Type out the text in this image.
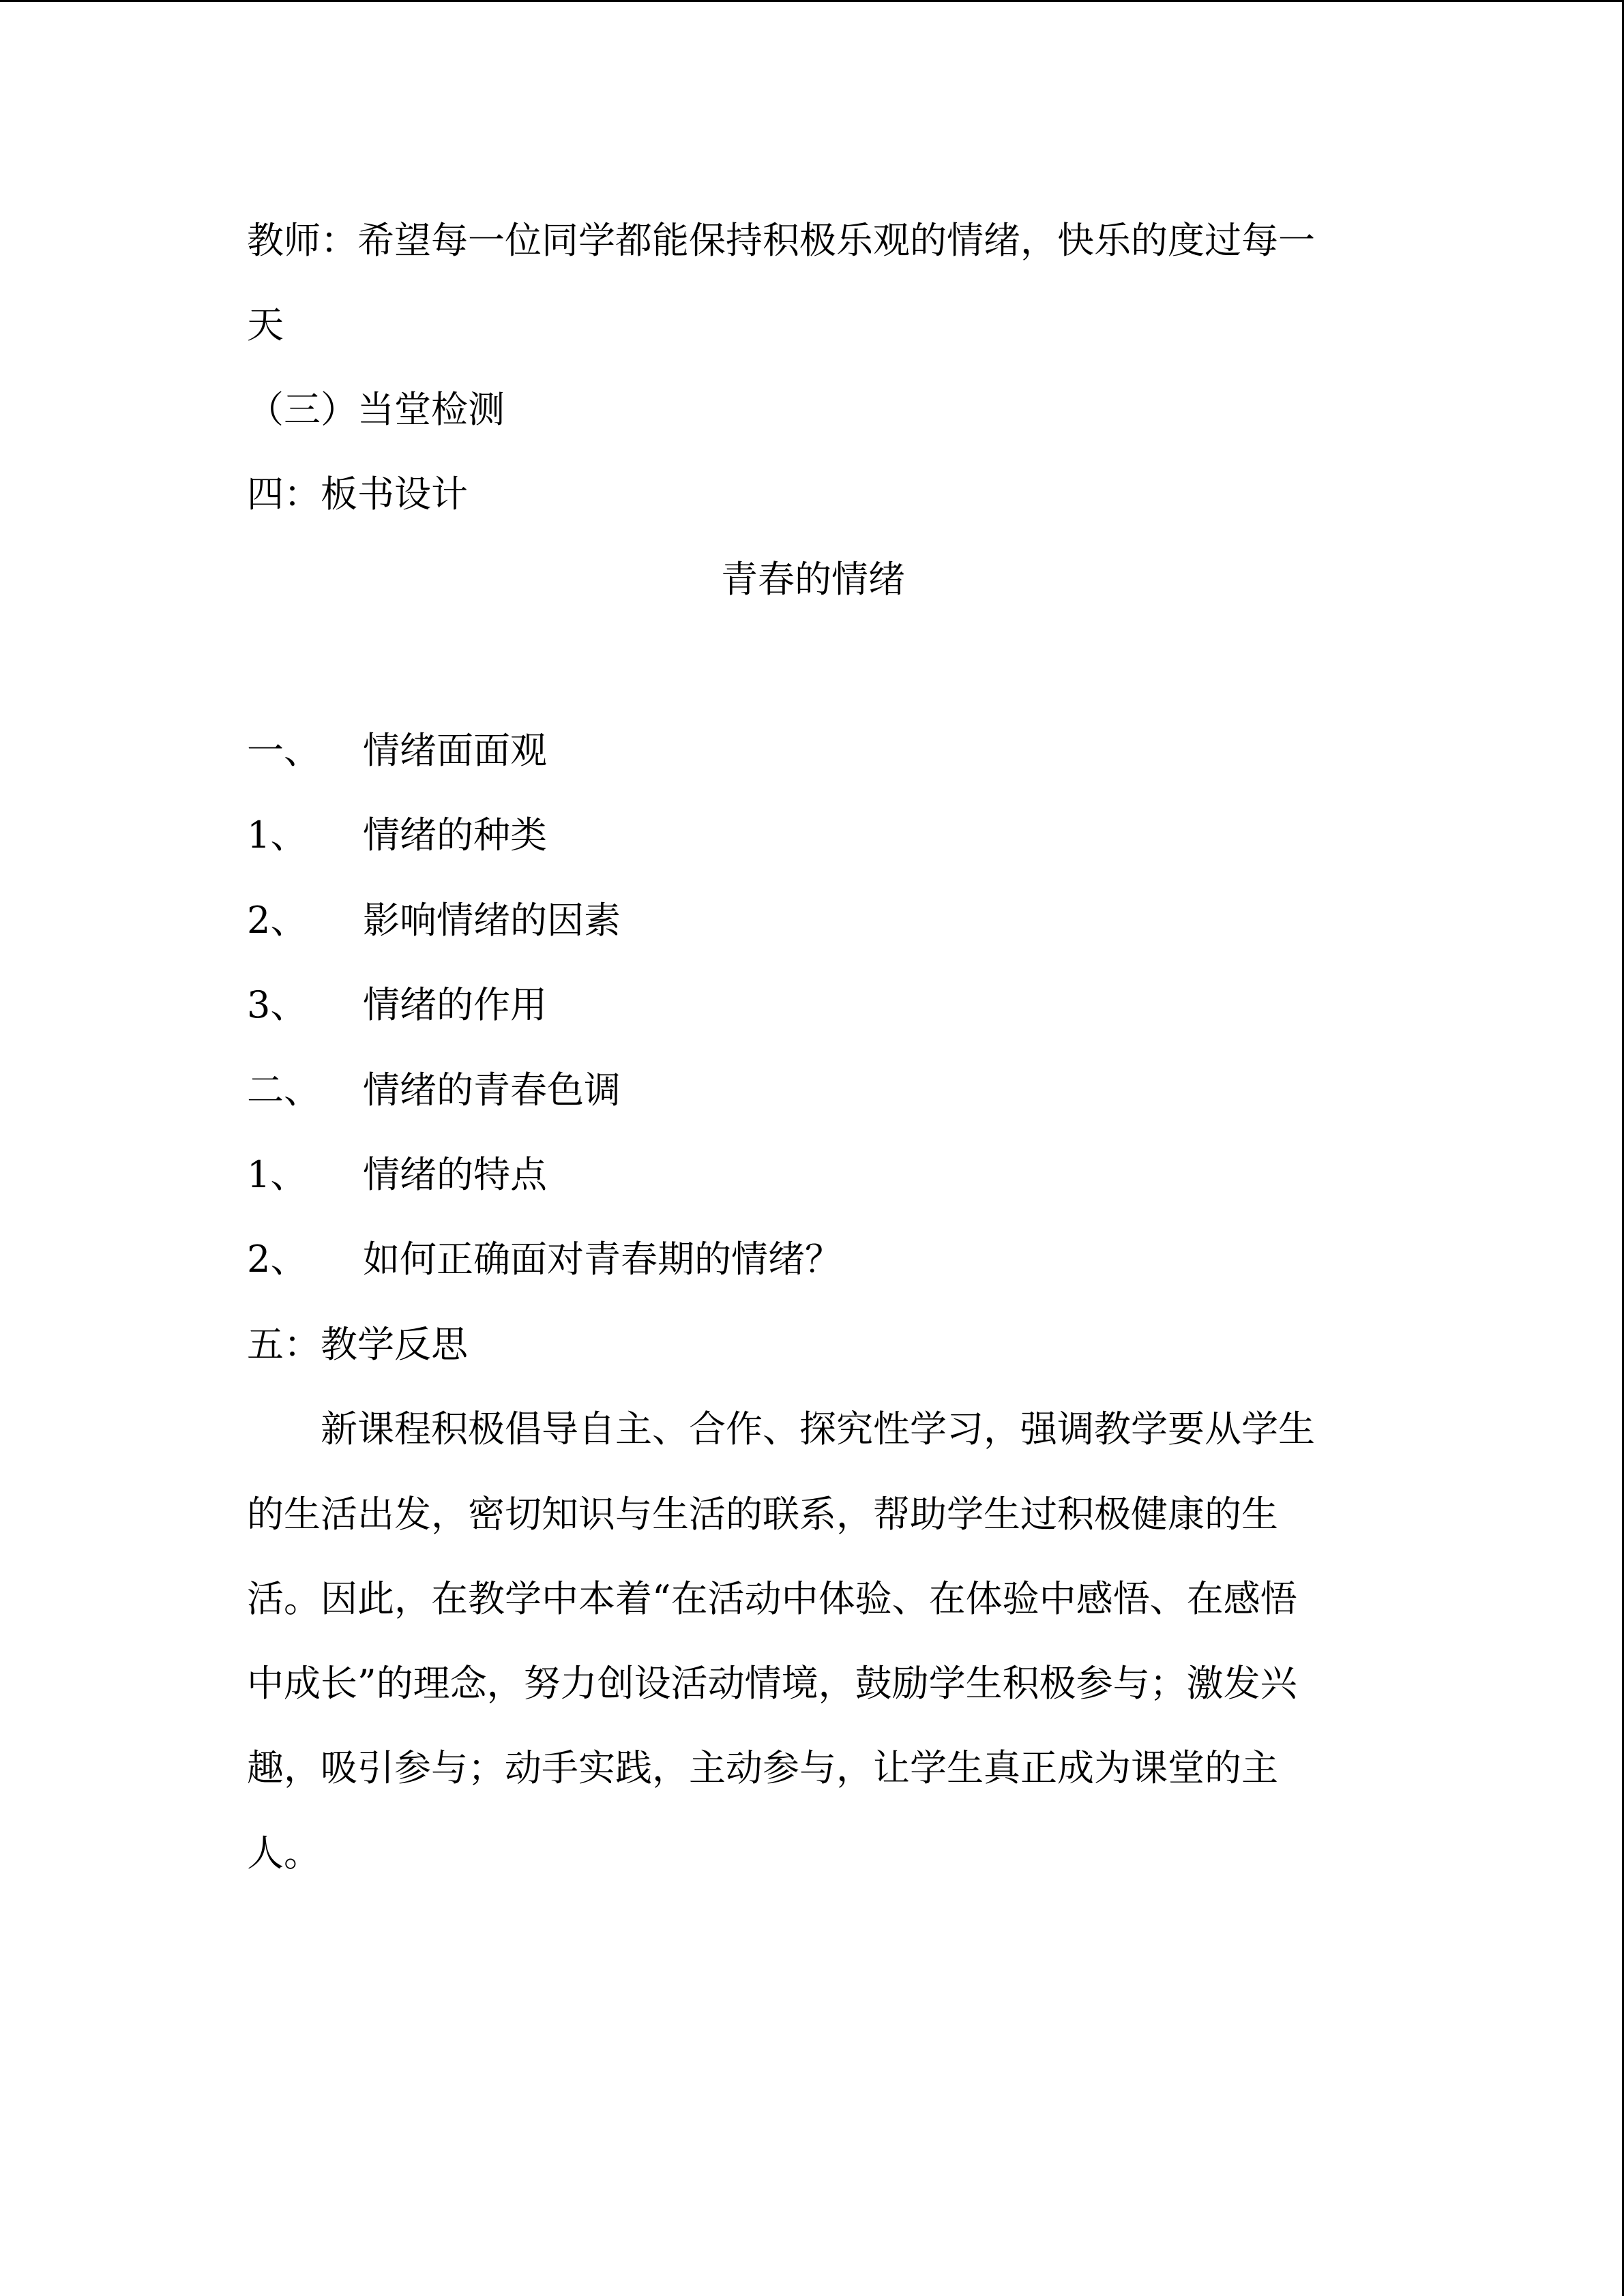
教师：希望每一位同学都能保持积极乐观的情绪，快乐的度过每一
天
（三）当堂检测
四：板书设计
青春的情绪
一、 情绪面面观
1、 情绪的种类
2、 影响情绪的因素
3、 情绪的作用
二、 情绪的青春色调
1、 情绪的特点
2、 如何正确面对青春期的情绪？
五：教学反思
　　新课程积极倡导自主、合作、探究性学习，强调教学要从学生
的生活出发，密切知识与生活的联系，帮助学生过积极健康的生
活。因此，在教学中本着“在活动中体验、在体验中感悟、在感悟
中成长”的理念，努力创设活动情境，鼓励学生积极参与；激发兴
趣，吸引参与；动手实践，主动参与，让学生真正成为课堂的主
人。
